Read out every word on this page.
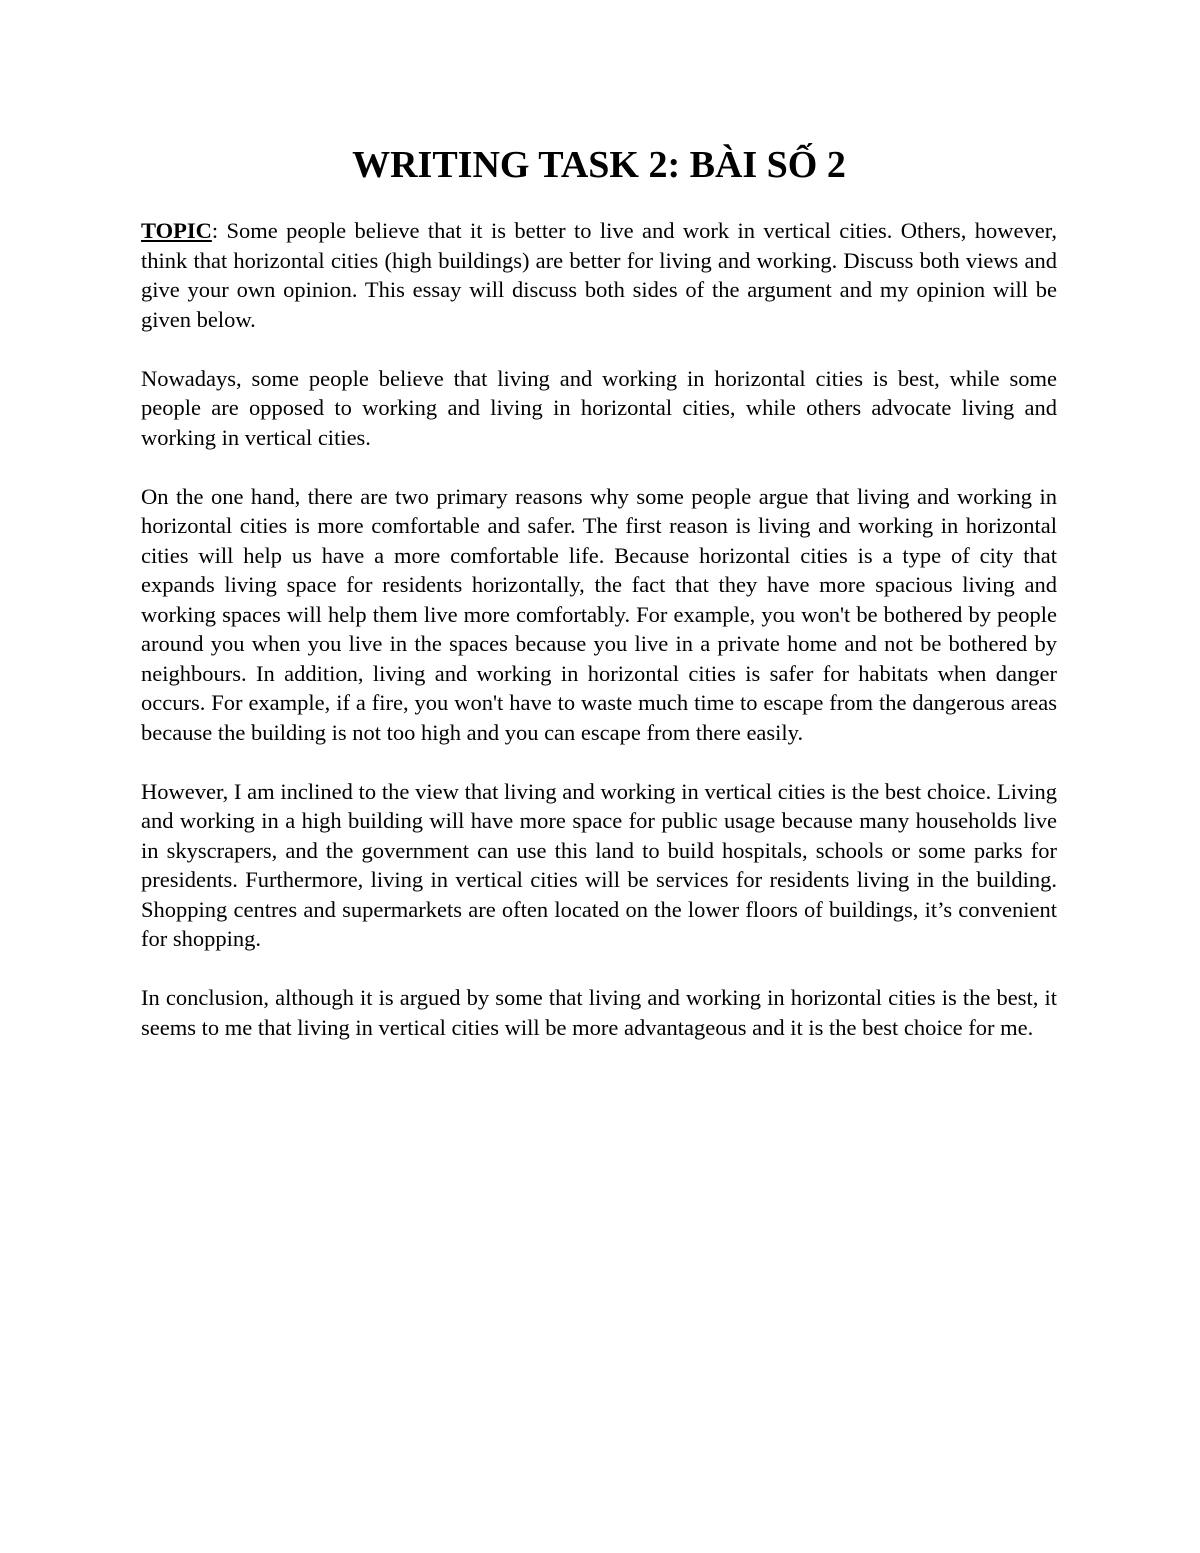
WRITING TASK 2: BÀI SỐ 2

TOPIC: Some people believe that it is better to live and work in vertical cities. Others, however, think that horizontal cities (high buildings) are better for living and working. Discuss both views and give your own opinion. This essay will discuss both sides of the argument and my opinion will be given below.

Nowadays, some people believe that living and working in horizontal cities is best, while some people are opposed to working and living in horizontal cities, while others advocate living and working in vertical cities.

On the one hand, there are two primary reasons why some people argue that living and working in horizontal cities is more comfortable and safer. The first reason is living and working in horizontal cities will help us have a more comfortable life. Because horizontal cities is a type of city that expands living space for residents horizontally, the fact that they have more spacious living and working spaces will help them live more comfortably. For example, you won't be bothered by people around you when you live in the spaces because you live in a private home and not be bothered by neighbours. In addition, living and working in horizontal cities is safer for habitats when danger occurs. For example, if a fire, you won't have to waste much time to escape from the dangerous areas because the building is not too high and you can escape from there easily.

However, I am inclined to the view that living and working in vertical cities is the best choice. Living and working in a high building will have more space for public usage because many households live in skyscrapers, and the government can use this land to build hospitals, schools or some parks for presidents. Furthermore, living in vertical cities will be services for residents living in the building. Shopping centres and supermarkets are often located on the lower floors of buildings, it’s convenient for shopping.

In conclusion, although it is argued by some that living and working in horizontal cities is the best, it seems to me that living in vertical cities will be more advantageous and it is the best choice for me.
